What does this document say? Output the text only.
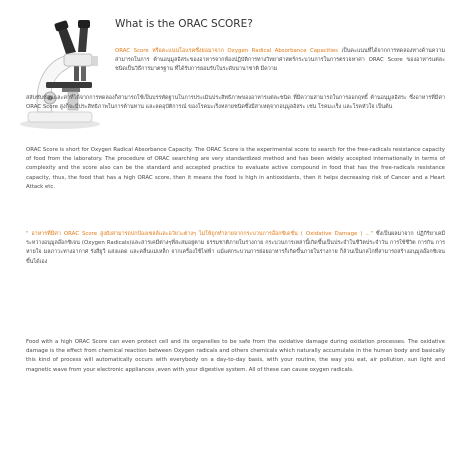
What is the ORAC SCORE?

ORAC Score หรือคะแนนโอแรคซึ่งย่อมาจาก Oxygen Radical Absorbance Capacities เป็นคะแนนที่ได้จากการทดลองทางด้านความสามารถในการ ต้านอนุมูลอิสระของอาหารจากห้องปฏิบัติการทางวิทยาศาสตร์กระบวนการในการตรวจหาค่า ORAC Score ของอาหารแต่ละชนิดเป็นวิธีการมาตรฐาน ที่ได้รับการยอมรับในระดับนานาชาติ มีความ

สลับซับซ้อนและค่าที่ได้จากการทดลองก็สามารถใช้เป็นบรรทัดฐานในการประเมินประสิทธิภาพของอาหารแต่ละชนิด ที่มีความสามารถในการออกฤทธิ์ ต้านอนุมูลอิสระ ซึ่งอาหารที่มีค่า ORAC Score สูงก็จะมีประสิทธิภาพในการต้านทาน และลดอุบัติการณ์ ของโรคมะเร็งหลายชนิดซึ่งมีสาเหตุจากอนุมูลอิสระ เช่น โรคมะเร็ง และโรคหัวใจ เป็นต้น

ORAC Score is short for Oxygen Radical Absorbance Capacity. The ORAC Score is the experimental score to search for the free-radicals resistance capacity of food from the laboratory. The procedure of ORAC searching are very standardized method and has been widely accepted internationally in terms of complexity and the score also can be the standard and accepted practice to evaluate active compound in food that has the free-radicals resistance capacity, thus, the food that has a high ORAC score, then it means the food is high in antioxidants, then it helps decreasing risk of Cancer and a Heart Attack etc.

" อาหารที่มีค่า ORAC Score สูงยังสามารถปกป้องเซลล์และอวัยวะต่างๆ ไม่ให้ถูกทำลายจากกระบวนการอ๊อกซิเดชั่น ( Oxidative Damage ) ..." ซึ่งเป็นผลมาจาก ปฏิกิริยาเคมีระหว่างอนุมูลอ๊อกซิเจน (Oxygen Radicals)และสารเคมีต่างๆที่สะสมอยู่ตาม ธรรมชาติภายในร่างกาย กระบวนการเหล่านี้เกิดขึ้นเป็นประจำในชีวิตประจำวัน การใช้ชีวิต การกิน การหายใจ มลภาวะทางอากาศ รังสียูวี แสงแดด และคลื่นแม่เหล็ก จากเครื่องใช้ไฟฟ้า แม้แต่กระบวนการย่อยอาหารก็เกิดขึ้นภายในร่างกาย ก็ล้วนเป็นกลไกที่สามารถสร้างอนุมูลอ๊อกซิเจนขึ้นได้เอง

Food with a high ORAC Score can even protect cell and its organelles to be safe from the oxidative damage during oxidation processes. The oxidative damage is the effect from chemical reaction between Oxygen radicals and others chemicals which naturally accumulate in the human body and basically this kind of process will automatically occurs with everybody on a day-to-day basis, with your routine, the way you eat, air pollution, sun light and magnetic wave from your electronic appliances ,even with your digestive system. All of these can cause oxygen radicals.
